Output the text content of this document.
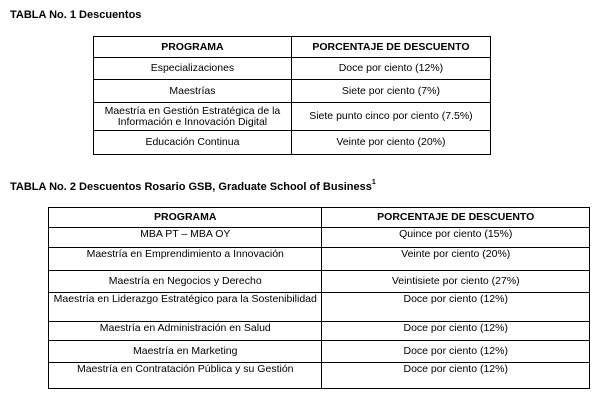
TABLA No. 1 Descuentos
PROGRAMA	PORCENTAJE DE DESCUENTO
Especializaciones	Doce por ciento (12%)
Maestrías	Siete por ciento (7%)
Maestría en Gestión Estratégica de la Información e Innovación Digital	Siete punto cinco por ciento (7.5%)
Educación Continua	Veinte por ciento (20%)
TABLA No. 2 Descuentos Rosario GSB, Graduate School of Business$^1$
PROGRAMA	PORCENTAJE DE DESCUENTO
MBA PT – MBA OY	Quince por ciento (15%)
Maestría en Emprendimiento a Innovación	Veinte por ciento (20%)
Maestría en Negocios y Derecho	Veintisiete por ciento (27%)
Maestría en Liderazgo Estratégico para la Sostenibilidad	Doce por ciento (12%)
Maestría en Administración en Salud	Doce por ciento (12%)
Maestría en Marketing	Doce por ciento (12%)
Maestría en Contratación Pública y su Gestión	Doce por ciento (12%)
